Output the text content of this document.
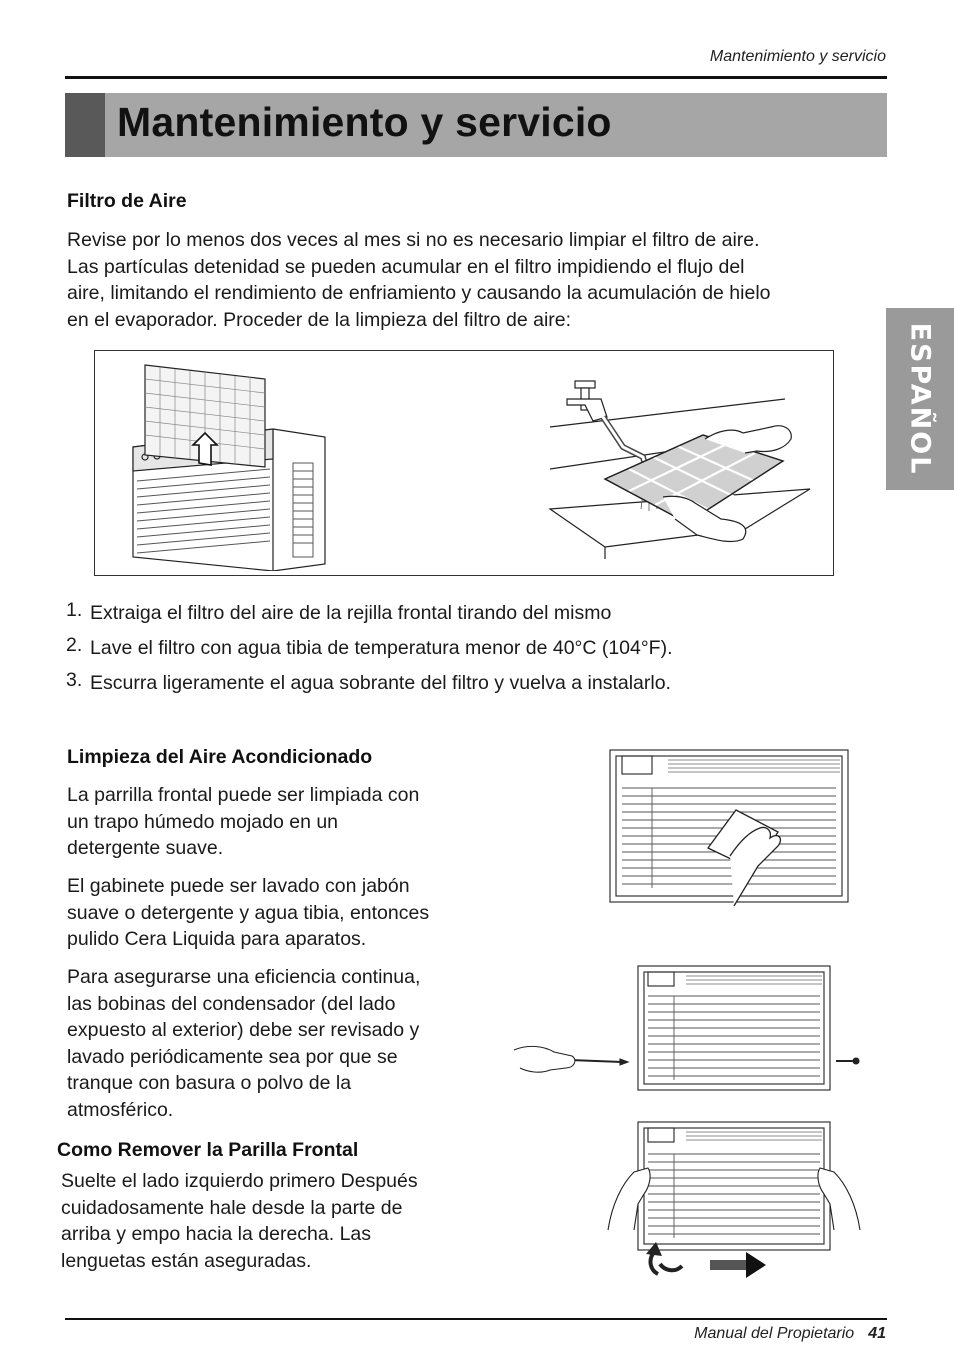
Mantenimiento y servicio
Mantenimiento y servicio
ESPAÑOL
Filtro de Aire

Revise por lo menos dos veces al mes si no es necesario limpiar el filtro de aire.

Las partículas detenidad se pueden acumular en el filtro impidiendo el flujo del

aire, limitando el rendimiento de enfriamiento y causando la acumulación de hielo

en el evaporador. Proceder de la limpieza del filtro de aire:

1. Extraiga el filtro del aire de la rejilla frontal tirando del mismo
2. Lave el filtro con agua tibia de temperatura menor de 40°C (104°F).
3. Escurra ligeramente el agua sobrante del filtro y vuelva a instalarlo.
Limpieza del Aire Acondicionado

La parrilla frontal puede ser limpiada con

un trapo húmedo mojado en un

detergente suave.

El gabinete puede ser lavado con jabón

suave o detergente y agua tibia, entonces

pulido Cera Liquida para aparatos.

Para asegurarse una eficiencia continua,

las bobinas del condensador (del lado

expuesto al exterior) debe ser revisado y

lavado periódicamente sea por que se

tranque con basura o polvo de la

atmosférico.

Como Remover la Parilla Frontal

Suelte el lado izquierdo primero Después

cuidadosamente hale desde la parte de

arriba y empo hacia la derecha. Las

lenguetas están aseguradas.

Manual del Propietario 41
